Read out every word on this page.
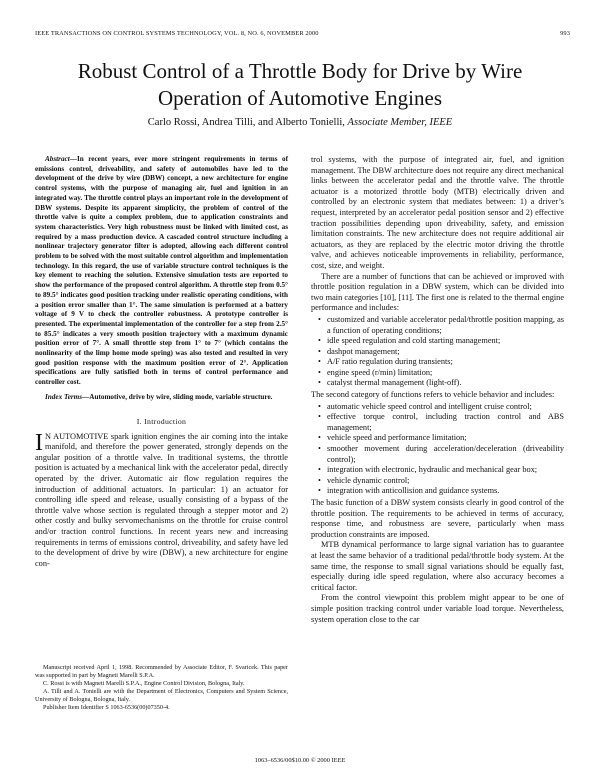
IEEE TRANSACTIONS ON CONTROL SYSTEMS TECHNOLOGY, VOL. 8, NO. 6, NOVEMBER 2000	993
Robust Control of a Throttle Body for Drive by Wire
Operation of Automotive Engines
Carlo Rossi, Andrea Tilli, and Alberto Tonielli, Associate Member, IEEE

Abstract—In recent years, ever more stringent requirements in terms of emissions control, driveability, and safety of automobiles have led to the development of the drive by wire (DBW) concept, a new architecture for engine control systems, with the purpose of managing air, fuel and ignition in an integrated way. The throttle control plays an important role in the development of DBW systems. Despite its apparent simplicity, the problem of control of the throttle valve is quite a complex problem, due to application constraints and system characteristics. Very high robustness must be linked with limited cost, as required by a mass production device. A cascaded control structure including a nonlinear trajectory generator filter is adopted, allowing each different control problem to be solved with the most suitable control algorithm and implementation technology. In this regard, the use of variable structure control techniques is the key element to reaching the solution. Extensive simulation tests are reported to show the performance of the proposed control algorithm. A throttle step from 0.5° to 89.5° indicates good position tracking under realistic operating conditions, with a position error smaller than 1°. The same simulation is performed at a battery voltage of 9 V to check the controller robustness. A prototype controller is presented. The experimental implementation of the controller for a step from 2.5° to 85.5° indicates a very smooth position trajectory with a maximum dynamic position error of 7°. A small throttle step from 1° to 7° (which contains the nonlinearity of the limp home mode spring) was also tested and resulted in very good position response with the maximum position error of 2°. Application specifications are fully satisfied both in terms of control performance and controller cost.

Index Terms—Automotive, drive by wire, sliding mode, variable structure.

I. Introduction

I N AUTOMOTIVE spark ignition engines the air coming into the intake manifold, and therefore the power generated, strongly depends on the angular position of a throttle valve. In traditional systems, the throttle position is actuated by a mechanical link with the accelerator pedal, directly operated by the driver. Automatic air flow regulation requires the introduction of additional actuators. In particular: 1) an actuator for controlling idle speed and release, usually consisting of a bypass of the throttle valve whose section is regulated through a stepper motor and 2) other costly and bulky servomechanisms on the throttle for cruise control and/or traction control functions. In recent years new and increasing requirements in terms of emissions control, driveability, and safety have led to the development of drive by wire (DBW), a new architecture for engine con-

trol systems, with the purpose of integrated air, fuel, and ignition management. The DBW architecture does not require any direct mechanical links between the accelerator pedal and the throttle valve. The throttle actuator is a motorized throttle body (MTB) electrically driven and controlled by an electronic system that mediates between: 1) a driver’s request, interpreted by an accelerator pedal position sensor and 2) effective traction possibilities depending upon driveability, safety, and emission limitation constraints. The new architecture does not require additional air actuators, as they are replaced by the electric motor driving the throttle valve, and achieves noticeable improvements in reliability, performance, cost, size, and weight.

There are a number of functions that can be achieved or improved with throttle position regulation in a DBW system, which can be divided into two main categories [10], [11]. The first one is related to the thermal engine performance and includes:

• customized and variable accelerator pedal/throttle position mapping, as a function of operating conditions;
• idle speed regulation and cold starting management;
• dashpot management;
• A/F ratio regulation during transients;
• engine speed (r/min) limitation;
• catalyst thermal management (light-off).

The second category of functions refers to vehicle behavior and includes:

• automatic vehicle speed control and intelligent cruise control;
• effective torque control, including traction control and ABS management;
• vehicle speed and performance limitation;
• smoother movement during acceleration/deceleration (driveability control);
• integration with electronic, hydraulic and mechanical gear box;
• vehicle dynamic control;
• integration with anticollision and guidance systems.

The basic function of a DBW system consists clearly in good control of the throttle position. The requirements to be achieved in terms of accuracy, response time, and robustness are severe, particularly when mass production constraints are imposed.

MTB dynamical performance to large signal variation has to guarantee at least the same behavior of a traditional pedal/throttle body system. At the same time, the response to small signal variations should be equally fast, especially during idle speed regulation, where also accuracy becomes a critical factor.

From the control viewpoint this problem might appear to be one of simple position tracking control under variable load torque. Nevertheless, system operation close to the car

Manuscript received April 1, 1998. Recommended by Associate Editor, F. Svaricek. This paper was supported in part by Magneti Marelli S.P.A.

C. Rossi is with Magneti Marelli S.P.A., Engine Control Division, Bologna, Italy.

A. Tilli and A. Tonielli are with the Department of Electronics, Computers and System Science, University of Bologna, Bologna, Italy.

Publisher Item Identifier S 1063-6536(00)07350-4.

1063–6536/00$10.00 © 2000 IEEE
